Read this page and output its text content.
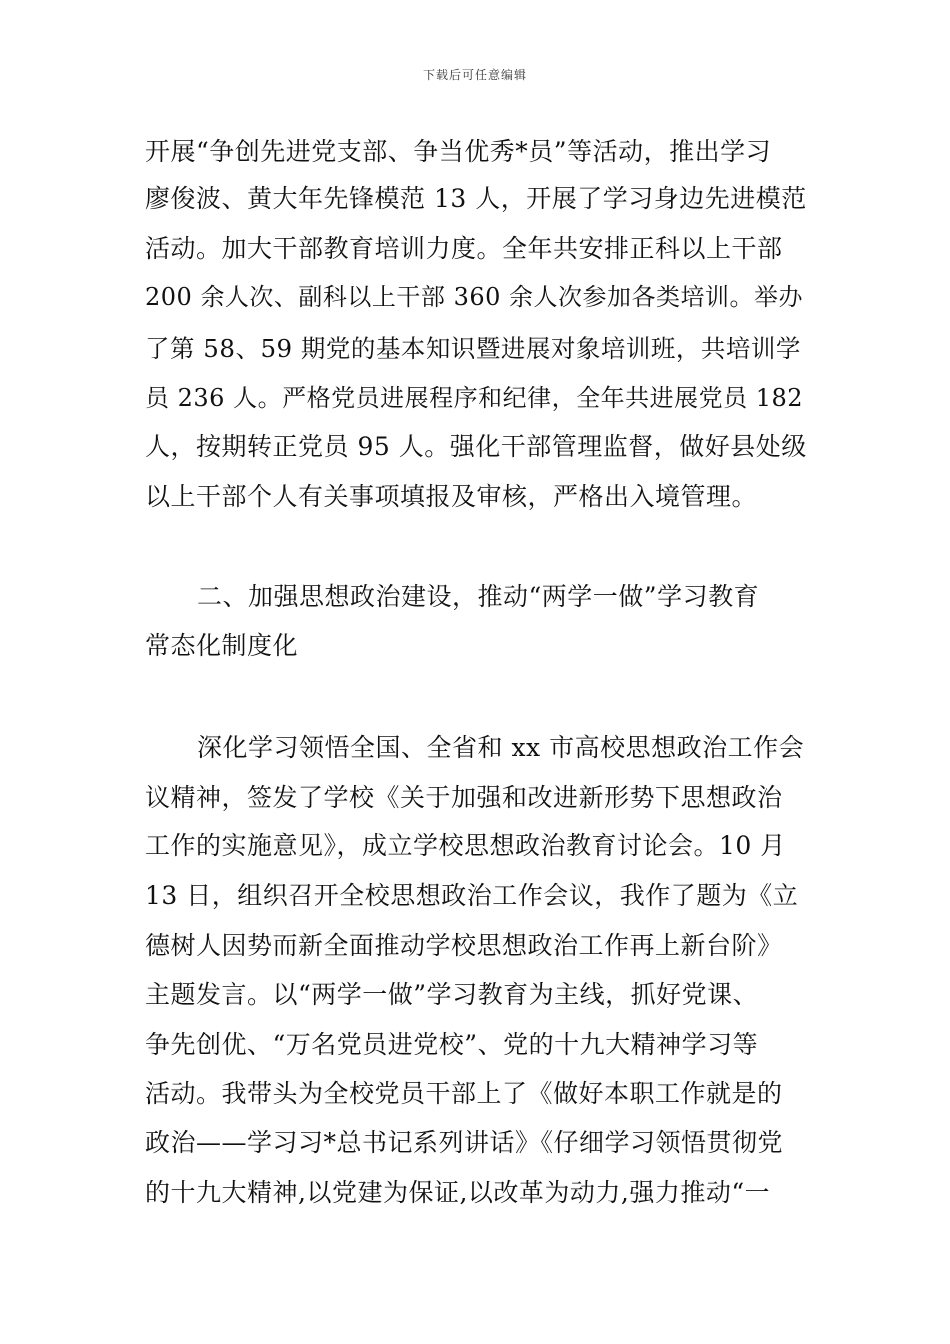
下载后可任意编辑
开展“争创先进党支部、争当优秀*员”等活动，推出学习
廖俊波、黄大年先锋模范 13 人，开展了学习身边先进模范
活动。加大干部教育培训力度。全年共安排正科以上干部
200 余人次、副科以上干部 360 余人次参加各类培训。举办
了第 58、59 期党的基本知识暨进展对象培训班，共培训学
员 236 人。严格党员进展程序和纪律，全年共进展党员 182
人，按期转正党员 95 人。强化干部管理监督，做好县处级
以上干部个人有关事项填报及审核，严格出入境管理。
二、加强思想政治建设，推动“两学一做”学习教育
常态化制度化
深化学习领悟全国、全省和 xx 市高校思想政治工作会
议精神，签发了学校《关于加强和改进新形势下思想政治
工作的实施意见》，成立学校思想政治教育讨论会。10 月
13 日，组织召开全校思想政治工作会议，我作了题为《立
德树人因势而新全面推动学校思想政治工作再上新台阶》
主题发言。以“两学一做”学习教育为主线，抓好党课、
争先创优、“万名党员进党校”、党的十九大精神学习等
活动。我带头为全校党员干部上了《做好本职工作就是的
政治——学习习*总书记系列讲话》《仔细学习领悟贯彻党
的十九大精神,以党建为保证,以改革为动力,强力推动“一
